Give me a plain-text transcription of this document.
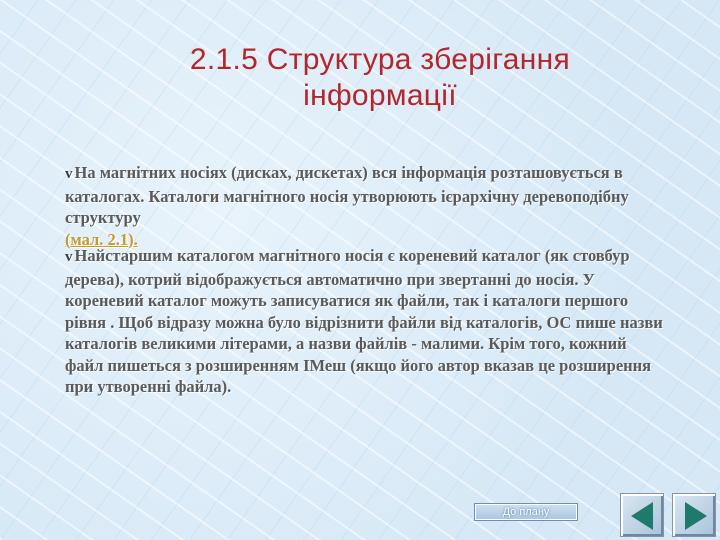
2.1.5 Структура зберігання
інформації
v На магнітних носіях (дисках, дискетах) вся інформація розташовується в каталогах. Каталоги магнітного носія утворюють ієрархічну деревоподібну структуру
(мал. 2.1).
v Найстаршим каталогом магнітного носія є кореневий каталог (як стовбур дерева), котрий відображується автоматично при звертанні до носія. У кореневий каталог можуть записуватися як файли, так і каталоги першого рівня . Щоб відразу можна було відрізнити файли від каталогів, ОС пише назви каталогів великими літерами, а назви файлів - малими. Крім того, кожний файл пишеться з розширенням ІМеш (якщо його автор вказав це розширення при утворенні файла).
До плану
